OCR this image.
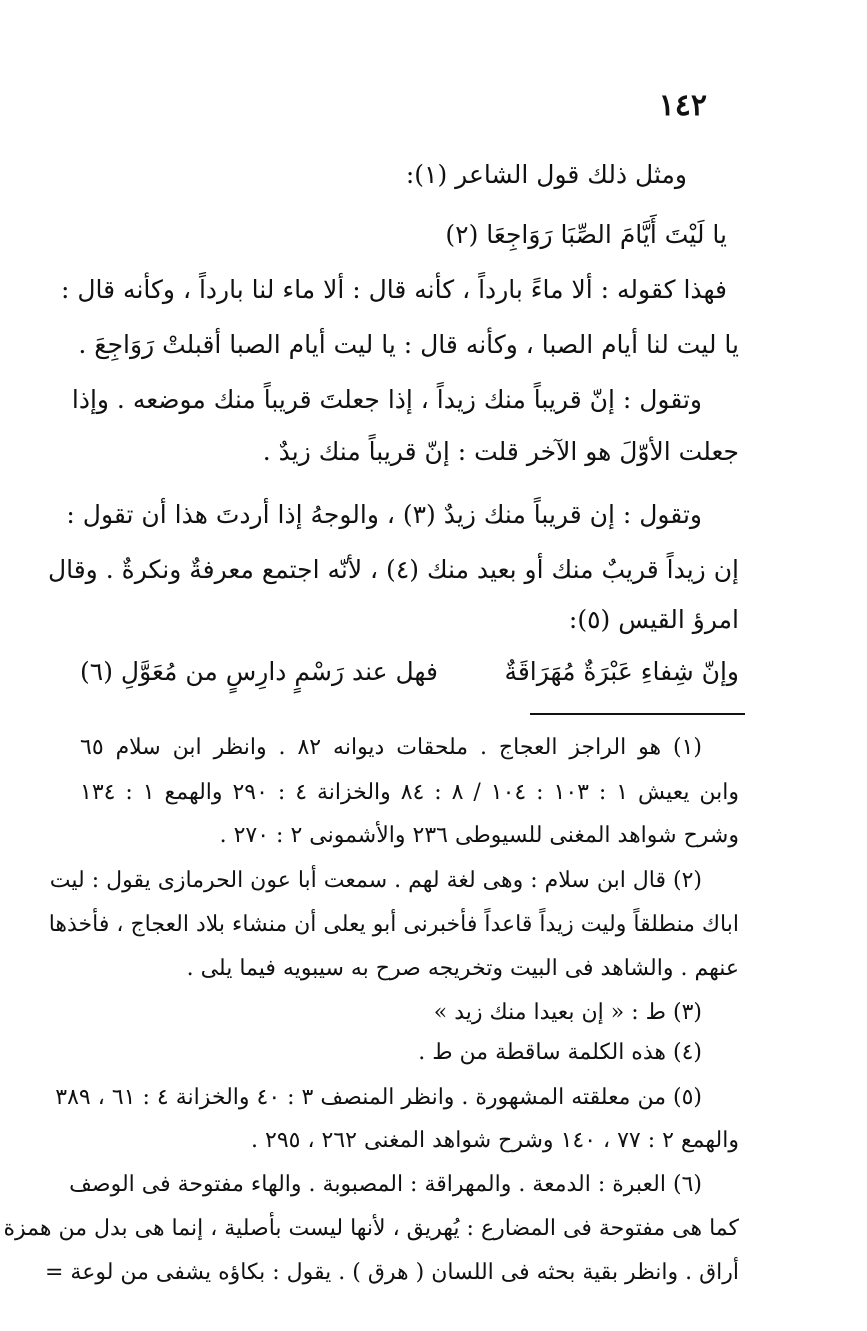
١٤٢
ومثل ذلك قول الشاعر (١):
يا لَيْتَ أَيَّامَ الصِّبَا رَوَاجِعَا (٢)
فهذا كقوله : ألا ماءً بارداً ، كأنه قال : ألا ماء لنا بارداً ، وكأنه قال :
يا ليت لنا أيام الصبا ، وكأنه قال : يا ليت أيام الصبا أقبلتْ رَوَاجِعَ .
وتقول : إنّ قريباً منك زيداً ، إذا جعلتَ قريباً منك موضعه . وإذا
جعلت الأوّلَ هو الآخر قلت : إنّ قريباً منك زيدٌ .
وتقول : إن قريباً منك زيدٌ (٣) ، والوجهُ إذا أردتَ هذا أن تقول :
إن زيداً قريبٌ منك أو بعيد منك (٤) ، لأنّه اجتمع معرفةٌ ونكرةٌ . وقال
امرؤ القيس (٥):
وإنّ شِفاءِ عَبْرَةٌ مُهَرَاقَةٌ
فهل عند رَسْمٍ دارِسٍ من مُعَوَّلِ (٦)
(١) هو الراجز العجاج . ملحقات ديوانه ٨٢ . وانظر ابن سلام ٦٥
وابن يعيش ١ : ١٠٣ : ١٠٤ / ٨ : ٨٤ والخزانة ٤ : ٢٩٠ والهمع ١ : ١٣٤
وشرح شواهد المغنى للسيوطى ٢٣٦ والأشمونى ٢ : ٢٧٠ .
(٢) قال ابن سلام : وهى لغة لهم . سمعت أبا عون الحرمازى يقول : ليت
اباك منطلقاً وليت زيداً قاعداً فأخبرنى أبو يعلى أن منشاء بلاد العجاج ، فأخذها
عنهم . والشاهد فى البيت وتخريجه صرح به سيبويه فيما يلى .
(٣) ط : « إن بعيدا منك زيد »
(٤) هذه الكلمة ساقطة من ط .
(٥) من معلقته المشهورة . وانظر المنصف ٣ : ٤٠ والخزانة ٤ : ٦١ ، ٣٨٩
والهمع ٢ : ٧٧ ، ١٤٠ وشرح شواهد المغنى ٢٦٢ ، ٢٩٥ .
(٦) العبرة : الدمعة . والمهراقة : المصبوبة . والهاء مفتوحة فى الوصف
كما هى مفتوحة فى المضارع : يُهريق ، لأنها ليست بأصلية ، إنما هى بدل من همزة
أراق . وانظر بقية بحثه فى اللسان ( هرق ) . يقول : بكاؤه يشفى من لوعة =
